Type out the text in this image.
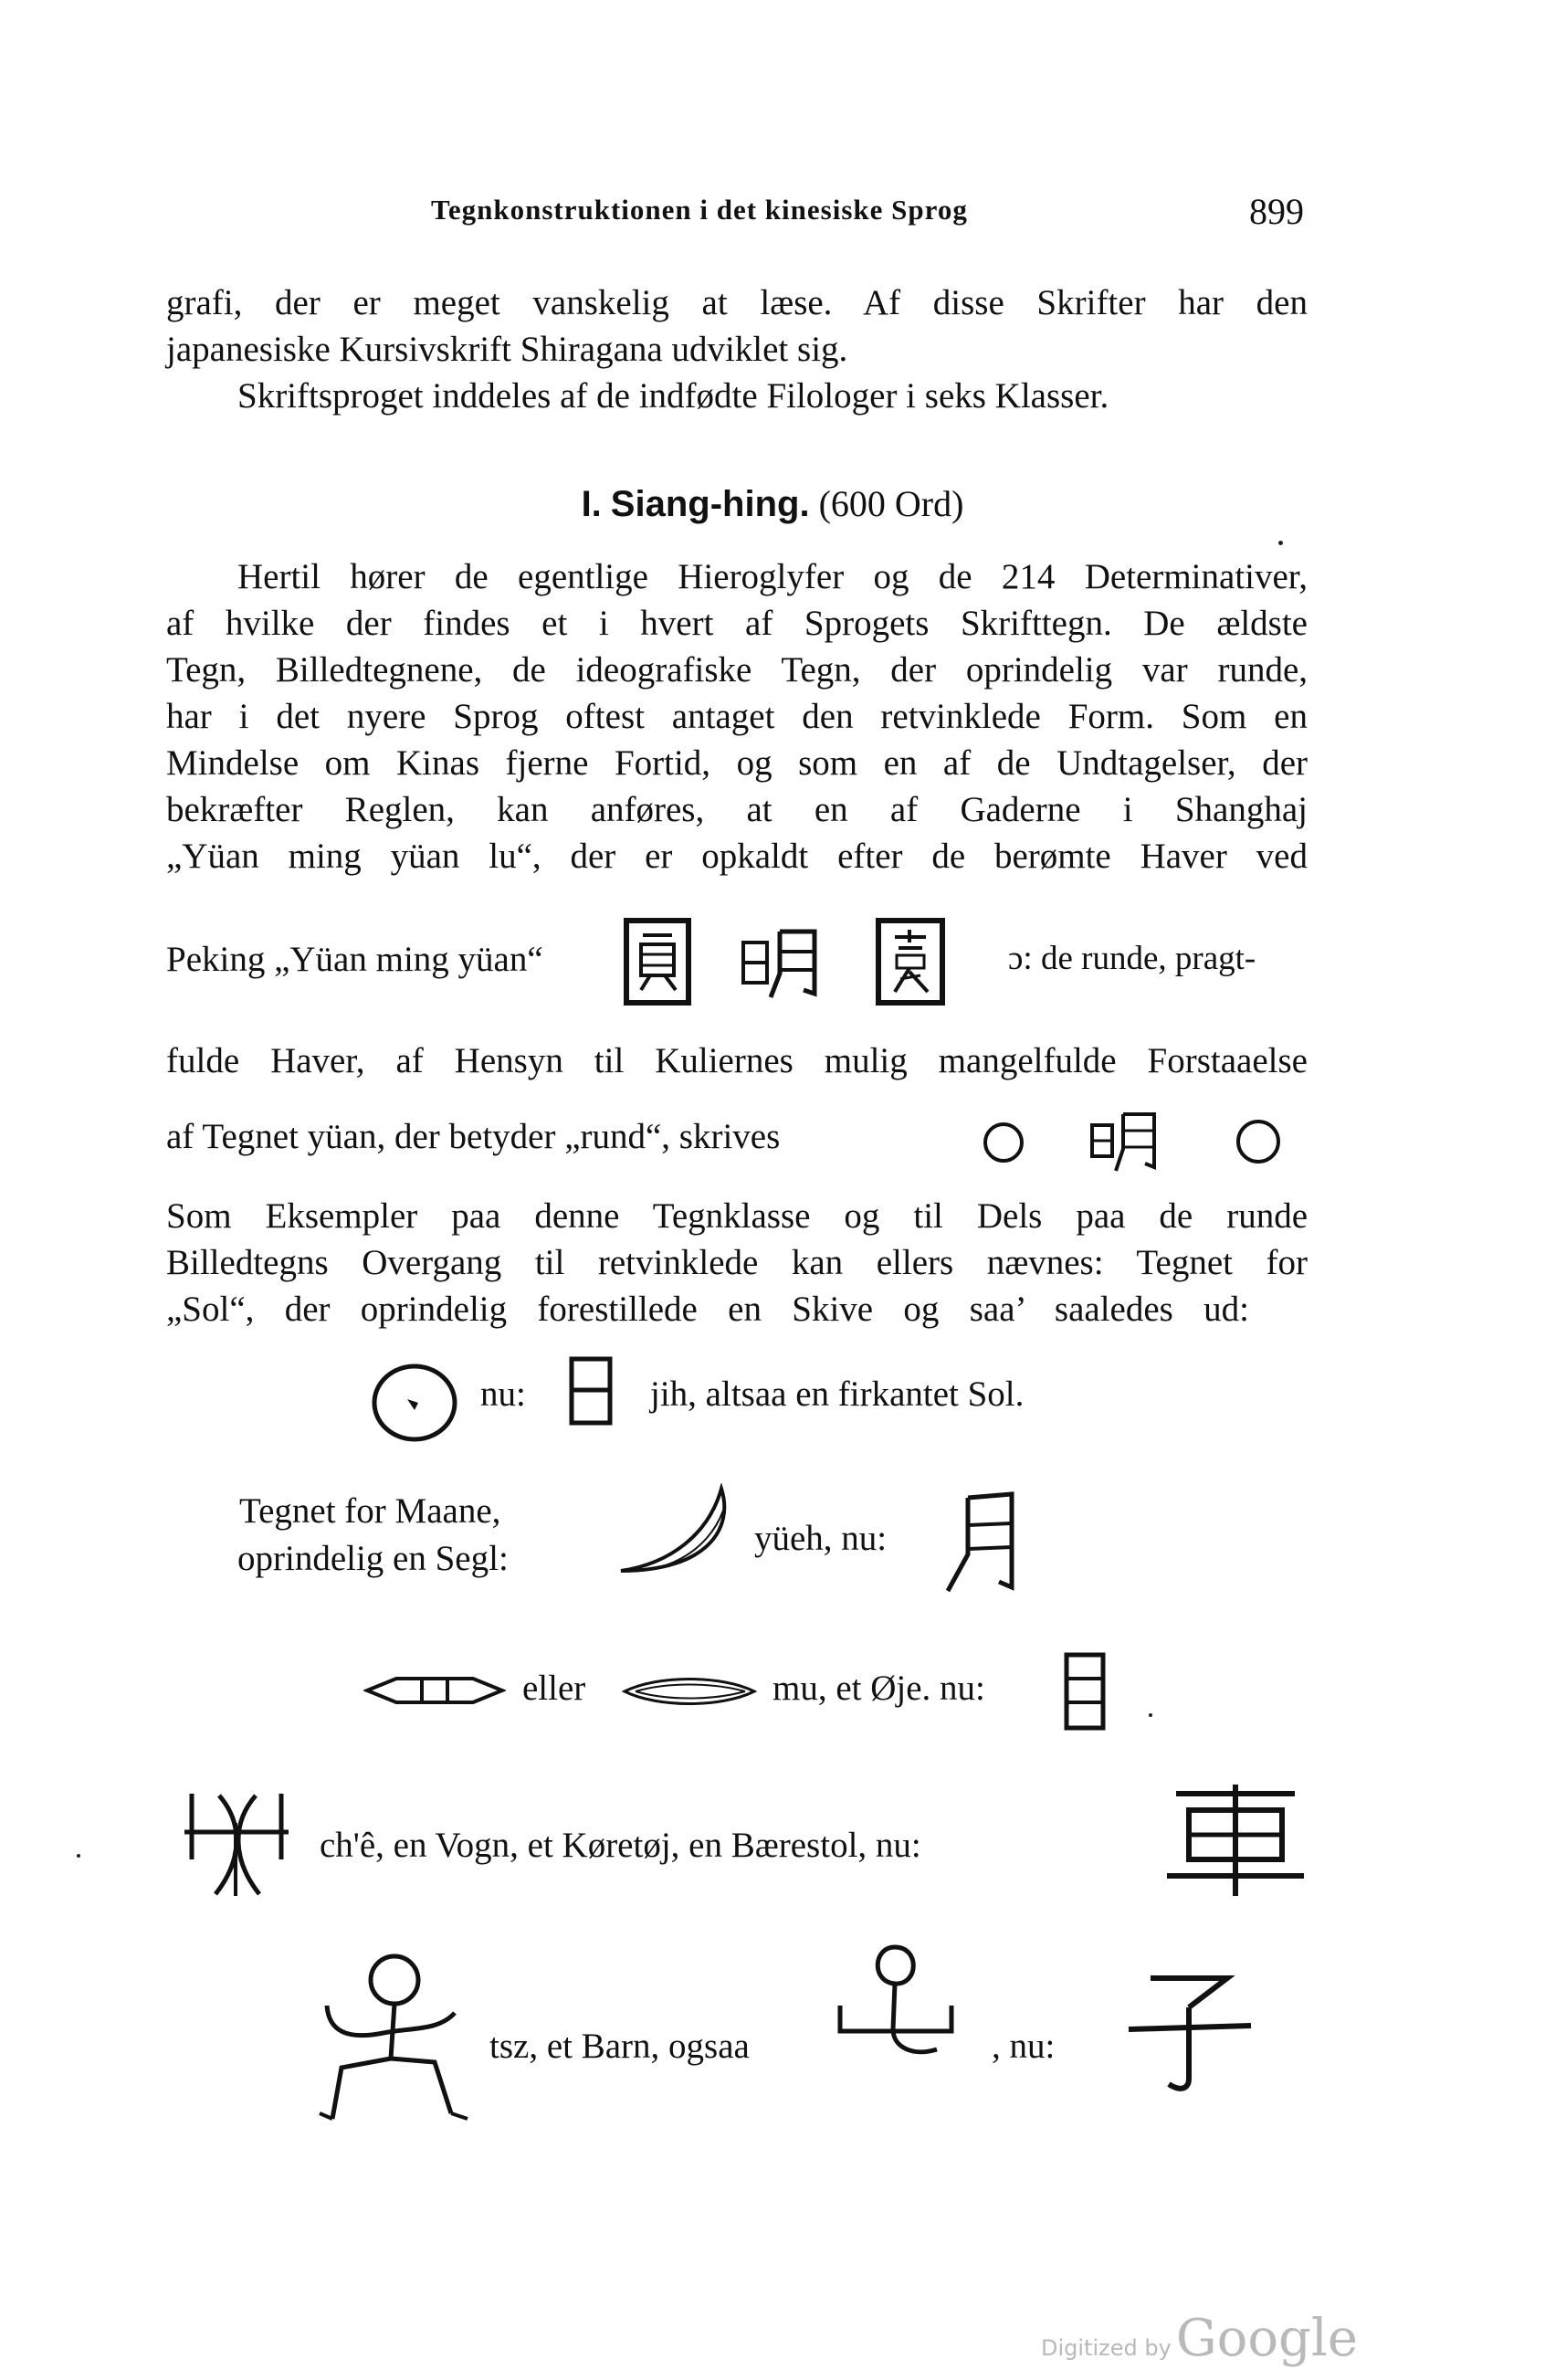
Tegnkonstruktionen i det kinesiske Sprog	899
grafi, der er meget vanskelig at læse. Af disse Skrifter har den
japanesiske Kursivskrift Shiragana udviklet sig.
Skriftsproget inddeles af de indfødte Filologer i seks Klasser.
I. Siang-hing. (600 Ord)
Hertil hører de egentlige Hieroglyfer og de 214 Determinativer,
af hvilke der findes et i hvert af Sprogets Skrifttegn. De ældste
Tegn, Billedtegnene, de ideografiske Tegn, der oprindelig var runde,
har i det nyere Sprog oftest antaget den retvinklede Form. Som en
Mindelse om Kinas fjerne Fortid, og som en af de Undtagelser, der
bekræfter Reglen, kan anføres, at en af Gaderne i Shanghaj
„Yüan ming yüan lu“, der er opkaldt efter de berømte Haver ved
Peking „Yüan ming yüan“	ɔ: de runde, pragt-
fulde Haver, af Hensyn til Kuliernes mulig mangelfulde Forstaaelse
af Tegnet yüan, der betyder „rund“, skrives
Som Eksempler paa denne Tegnklasse og til Dels paa de runde
Billedtegns Overgang til retvinklede kan ellers nævnes: Tegnet for
„Sol“, der oprindelig forestillede en Skive og saa’ saaledes ud:
nu:	jih, altsaa en firkantet Sol.
Tegnet for Maane,
oprindelig en Segl:
yüeh, nu:
eller	mu, et Øje. nu:
ch'ê, en Vogn, et Køretøj, en Bærestol, nu:
tsz, et Barn, ogsaa	, nu:
Digitized by Google
